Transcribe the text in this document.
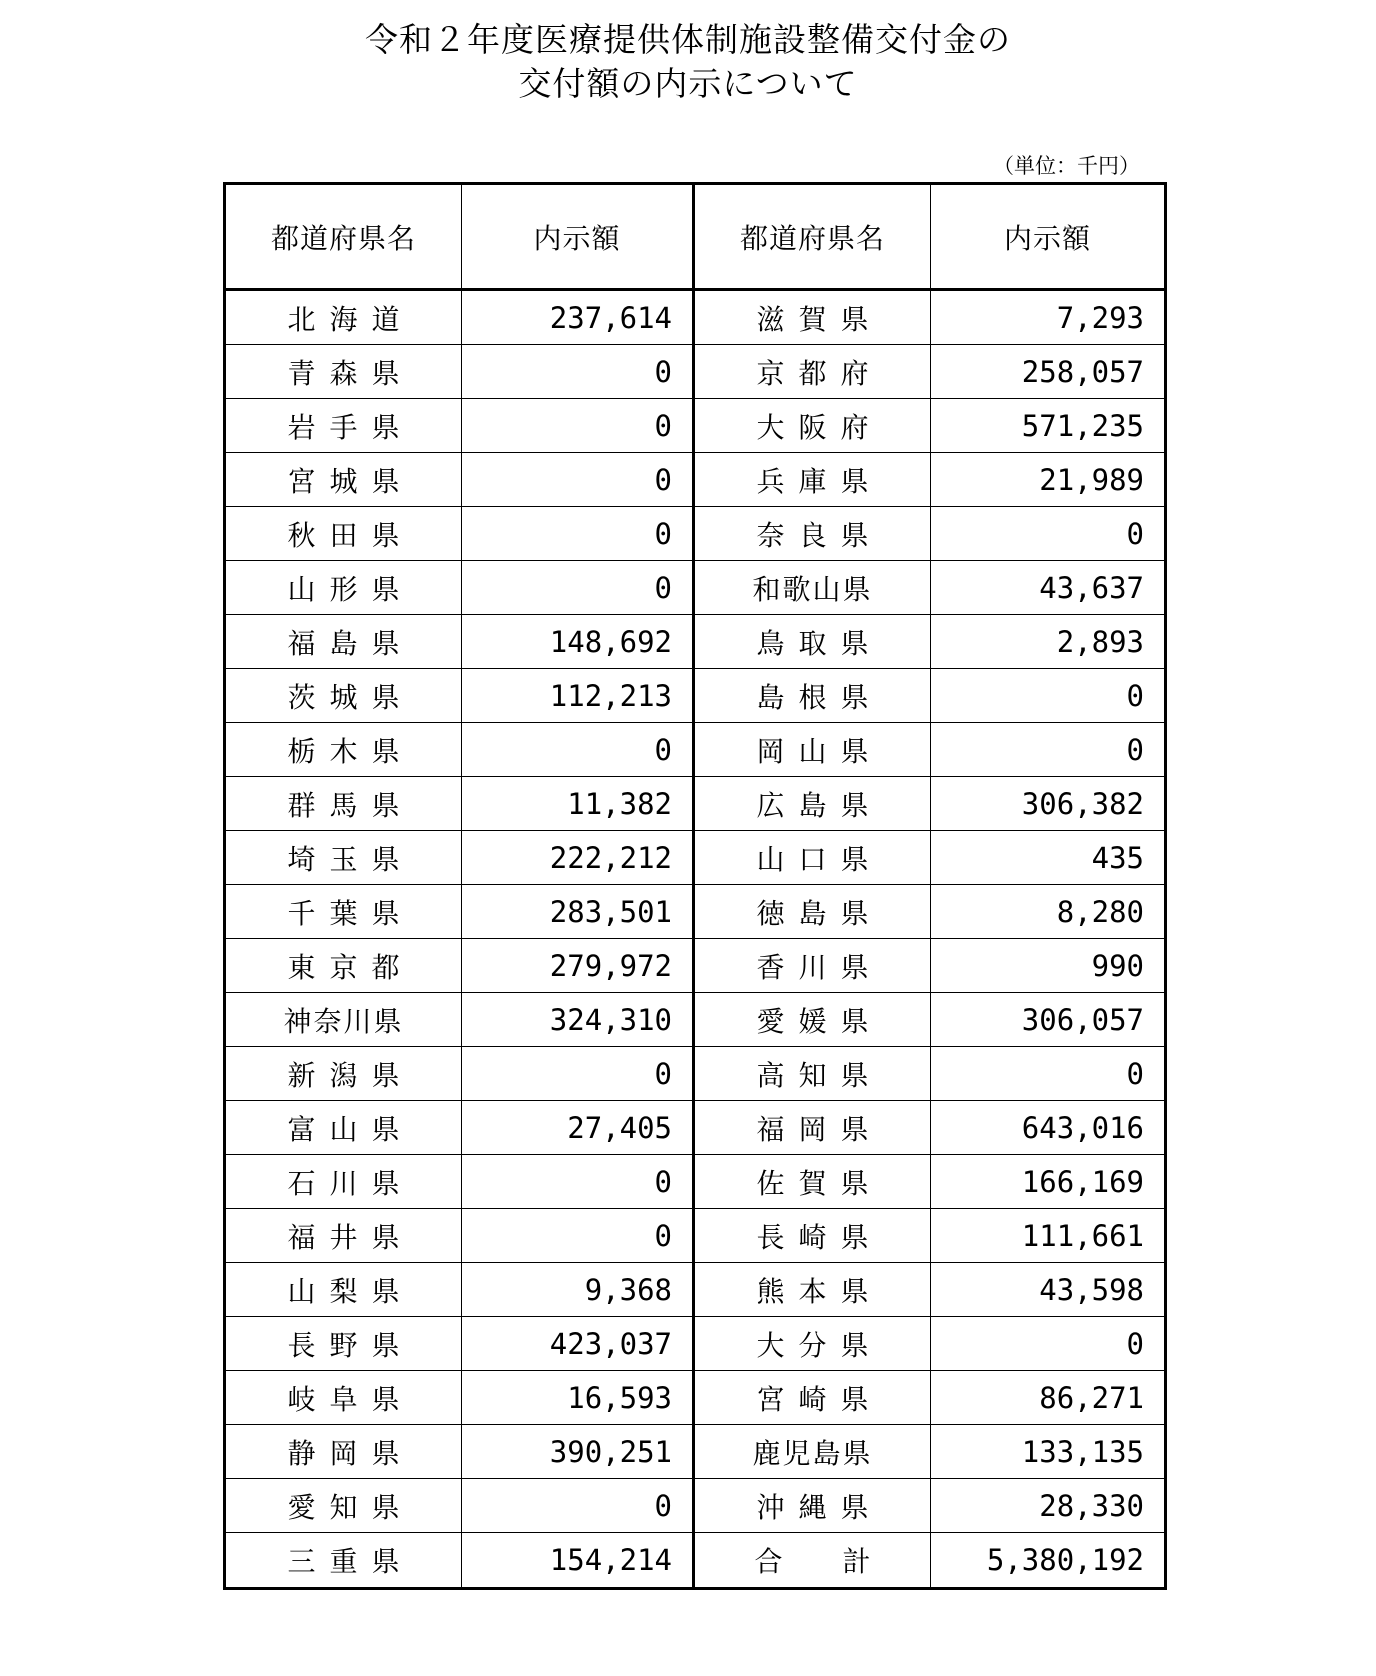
令和２年度医療提供体制施設整備交付金の
交付額の内示について
（単位：千円）
都道府県名	内示額	都道府県名	内示額
北海道	237,614	滋賀県	7,293
青森県	0	京都府	258,057
岩手県	0	大阪府	571,235
宮城県	0	兵庫県	21,989
秋田県	0	奈良県	0
山形県	0	和歌山県	43,637
福島県	148,692	鳥取県	2,893
茨城県	112,213	島根県	0
栃木県	0	岡山県	0
群馬県	11,382	広島県	306,382
埼玉県	222,212	山口県	435
千葉県	283,501	徳島県	8,280
東京都	279,972	香川県	990
神奈川県	324,310	愛媛県	306,057
新潟県	0	高知県	0
富山県	27,405	福岡県	643,016
石川県	0	佐賀県	166,169
福井県	0	長崎県	111,661
山梨県	9,368	熊本県	43,598
長野県	423,037	大分県	0
岐阜県	16,593	宮崎県	86,271
静岡県	390,251	鹿児島県	133,135
愛知県	0	沖縄県	28,330
三重県	154,214	合計	5,380,192
